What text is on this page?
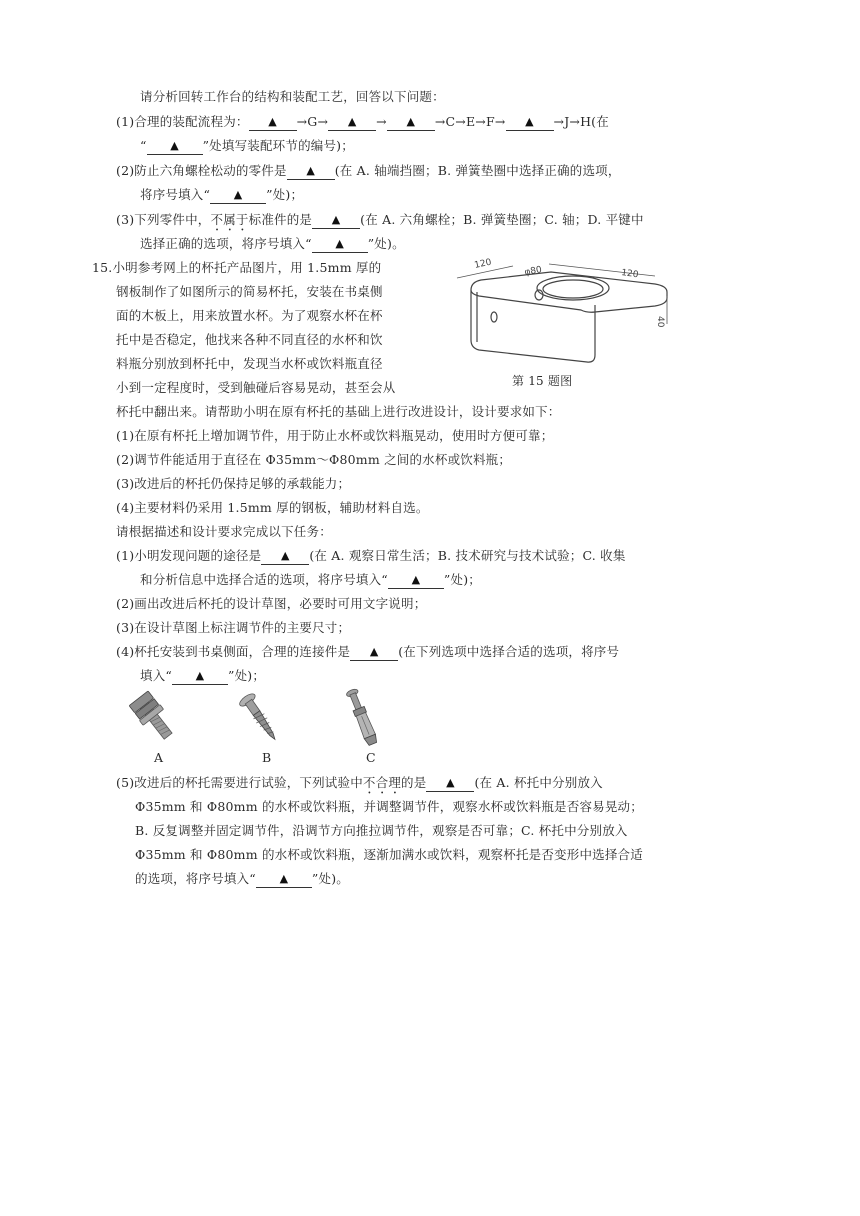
请分析回转工作台的结构和装配工艺，回答以下问题：
(1)合理的装配流程为： ▲ →G→ ▲ → ▲ →C→E→F→ ▲ →J→H(在
“ ▲ ”处填写装配环节的编号)；
(2)防止六角螺栓松动的零件是 ▲ (在 A. 轴端挡圈；B. 弹簧垫圈中选择正确的选项，
将序号填入“ ▲ ”处)；
(3)下列零件中，不属于标准件的是 ▲ (在 A. 六角螺栓；B. 弹簧垫圈；C. 轴；D. 平键中
选择正确的选项，将序号填入“ ▲ ”处)。
15.小明参考网上的杯托产品图片，用 1.5mm 厚的
钢板制作了如图所示的简易杯托，安装在书桌侧
面的木板上，用来放置水杯。为了观察水杯在杯
托中是否稳定，他找来各种不同直径的水杯和饮
料瓶分别放到杯托中，发现当水杯或饮料瓶直径
小到一定程度时，受到触碰后容易晃动，甚至会从
杯托中翻出来。请帮助小明在原有杯托的基础上进行改进设计，设计要求如下：
120
φ80	120
40
第 15 题图
(1)在原有杯托上增加调节件，用于防止水杯或饮料瓶晃动，使用时方便可靠；
(2)调节件能适用于直径在 Φ35mm～Φ80mm 之间的水杯或饮料瓶；
(3)改进后的杯托仍保持足够的承载能力；
(4)主要材料仍采用 1.5mm 厚的钢板，辅助材料自选。
请根据描述和设计要求完成以下任务：
(1)小明发现问题的途径是 ▲ (在 A. 观察日常生活；B. 技术研究与技术试验；C. 收集
和分析信息中选择合适的选项，将序号填入“ ▲ ”处)；
(2)画出改进后杯托的设计草图，必要时可用文字说明；
(3)在设计草图上标注调节件的主要尺寸；
(4)杯托安装到书桌侧面，合理的连接件是 ▲ (在下列选项中选择合适的选项，将序号
填入“ ▲ ”处)；
A	B	C
(5)改进后的杯托需要进行试验，下列试验中不合理的是 ▲ (在 A. 杯托中分别放入
Φ35mm 和 Φ80mm 的水杯或饮料瓶，并调整调节件，观察水杯或饮料瓶是否容易晃动；
B. 反复调整并固定调节件，沿调节方向推拉调节件，观察是否可靠；C. 杯托中分别放入
Φ35mm 和 Φ80mm 的水杯或饮料瓶，逐渐加满水或饮料，观察杯托是否变形中选择合适
的选项，将序号填入“ ▲ ”处)。
